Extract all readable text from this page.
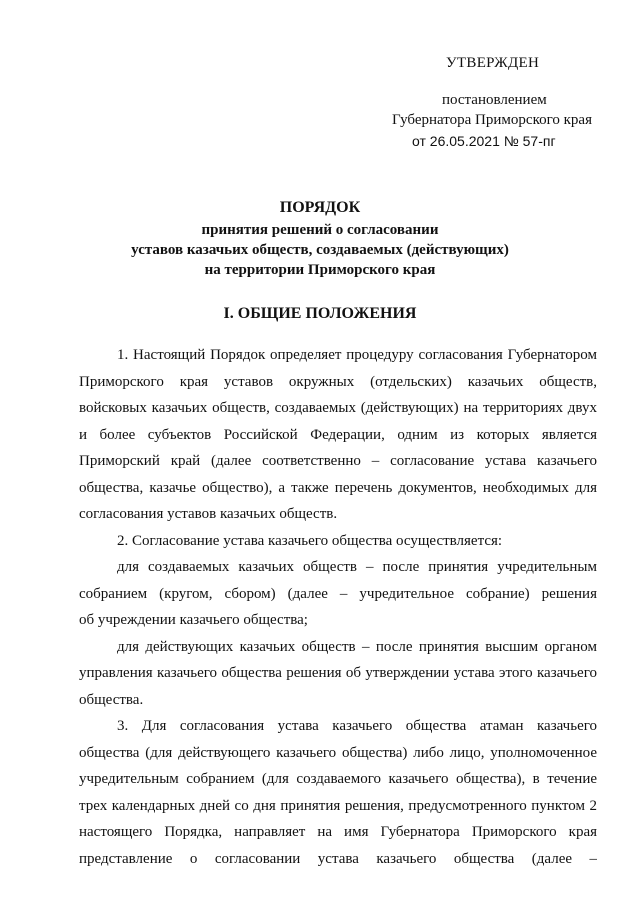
УТВЕРЖДЕН
постановлением
Губернатора Приморского края
от 26.05.2021 № 57-пг
ПОРЯДОК
принятия решений о согласовании
уставов казачьих обществ, создаваемых (действующих)
на территории Приморского края
I. ОБЩИЕ ПОЛОЖЕНИЯ
1. Настоящий Порядок определяет процедуру согласования Губернатором
Приморского края уставов окружных (отдельских) казачьих обществ,
войсковых казачьих обществ, создаваемых (действующих) на территориях двух
и более субъектов Российской Федерации, одним из которых является
Приморский край (далее соответственно – согласование устава казачьего
общества, казачье общество), а также перечень документов, необходимых для
согласования уставов казачьих обществ.
2. Согласование устава казачьего общества осуществляется:
для создаваемых казачьих обществ – после принятия учредительным
собранием (кругом, сбором) (далее – учредительное собрание) решения
об учреждении казачьего общества;
для действующих казачьих обществ – после принятия высшим органом
управления казачьего общества решения об утверждении устава этого казачьего
общества.
3. Для согласования устава казачьего общества атаман казачьего
общества (для действующего казачьего общества) либо лицо, уполномоченное
учредительным собранием (для создаваемого казачьего общества), в течение
трех календарных дней со дня принятия решения, предусмотренного пунктом 2
настоящего Порядка, направляет на имя Губернатора Приморского края
представление о согласовании устава казачьего общества (далее –
